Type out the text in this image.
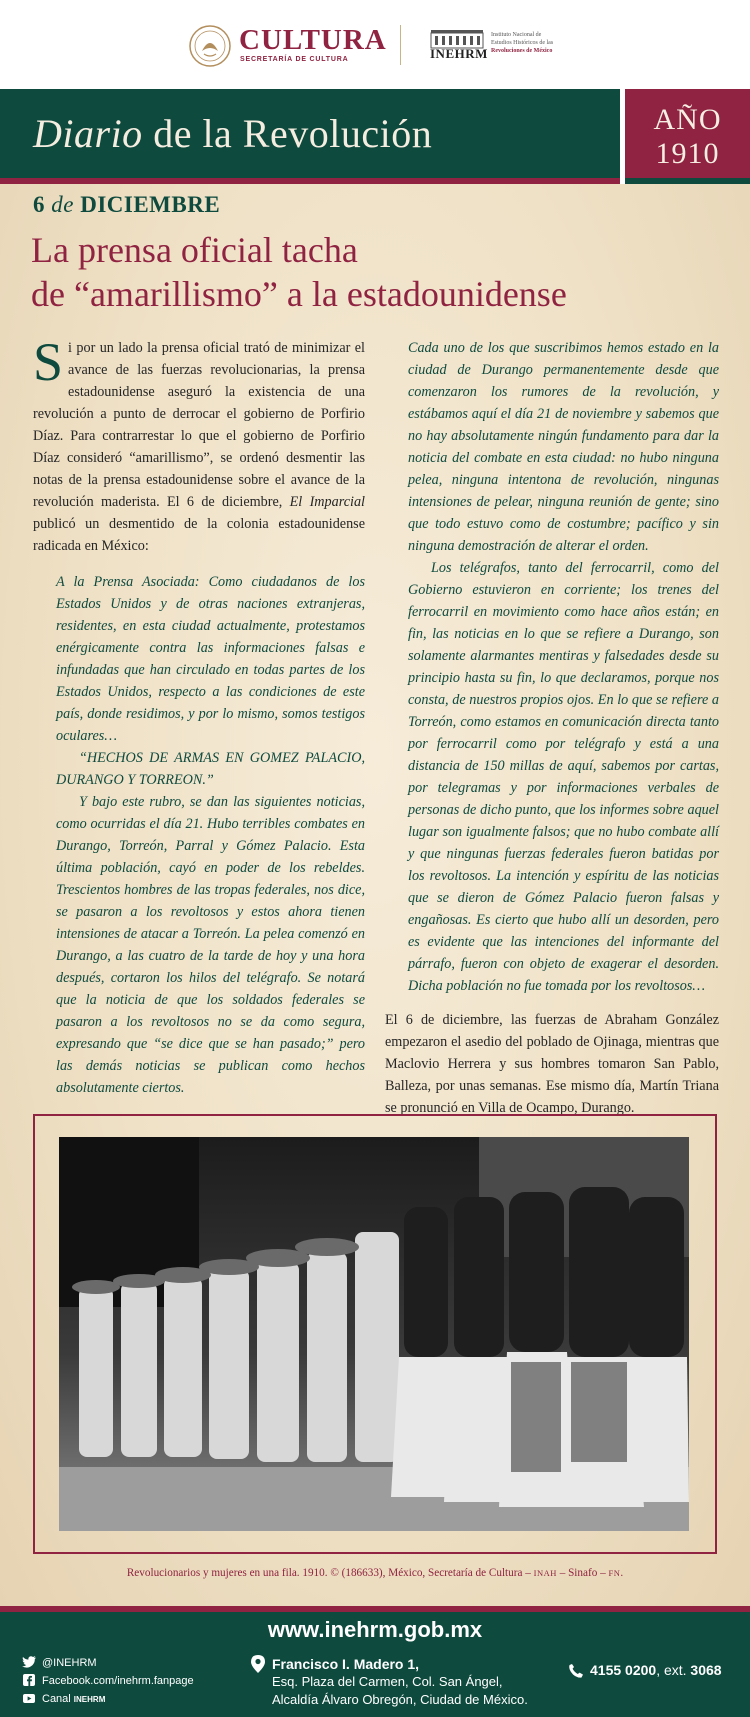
CULTURA
SECRETARÍA DE CULTURA	INEHRM
Instituto Nacional de
Estudios Históricos de las
Revoluciones de México
Diario de la Revolución	AÑO
1910
6 de DICIEMBRE
La prensa oficial tacha
de “amarillismo” a la estadounidense

Si por un lado la prensa oficial trató de minimizar el avance de las fuerzas revolucionarias, la prensa estadounidense aseguró la existencia de una revolución a punto de derrocar el gobierno de Porfirio Díaz. Para contrarrestar lo que el gobierno de Porfirio Díaz consideró “amarillismo”, se ordenó desmentir las notas de la prensa estadounidense sobre el avance de la revolución maderista. El 6 de diciembre, El Imparcial publicó un desmentido de la colonia estadounidense radicada en México:

A la Prensa Asociada: Como ciudadanos de los Estados Unidos y de otras naciones extranjeras, residentes, en esta ciudad actualmente, protestamos enérgicamente contra las informaciones falsas e infundadas que han circulado en todas partes de los Estados Unidos, respecto a las condiciones de este país, donde residimos, y por lo mismo, somos testigos oculares…

“HECHOS DE ARMAS EN GOMEZ PALACIO, DURANGO Y TORREON.”

Y bajo este rubro, se dan las siguientes noticias, como ocurridas el día 21. Hubo terribles combates en Durango, Torreón, Parral y Gómez Palacio. Esta última población, cayó en poder de los rebeldes. Trescientos hombres de las tropas federales, nos dice, se pasaron a los revoltosos y estos ahora tienen intensiones de atacar a Torreón. La pelea comenzó en Durango, a las cuatro de la tarde de hoy y una hora después, cortaron los hilos del telégrafo. Se notará que la noticia de que los soldados federales se pasaron a los revoltosos no se da como segura, expresando que “se dice que se han pasado;” pero las demás noticias se publican como hechos absolutamente ciertos.

Cada uno de los que suscribimos hemos estado en la ciudad de Durango permanentemente desde que comenzaron los rumores de la revolución, y estábamos aquí el día 21 de noviembre y sabemos que no hay absolutamente ningún fundamento para dar la noticia del combate en esta ciudad: no hubo ninguna pelea, ninguna intentona de revolución, ningunas intensiones de pelear, ninguna reunión de gente; sino que todo estuvo como de costumbre; pacífico y sin ninguna demostración de alterar el orden.

Los telégrafos, tanto del ferrocarril, como del Gobierno estuvieron en corriente; los trenes del ferrocarril en movimiento como hace años están; en fin, las noticias en lo que se refiere a Durango, son solamente alarmantes mentiras y falsedades desde su principio hasta su fin, lo que declaramos, porque nos consta, de nuestros propios ojos. En lo que se refiere a Torreón, como estamos en comunicación directa tanto por ferrocarril como por telégrafo y está a una distancia de 150 millas de aquí, sabemos por cartas, por telegramas y por informaciones verbales de personas de dicho punto, que los informes sobre aquel lugar son igualmente falsos; que no hubo combate allí y que ningunas fuerzas federales fueron batidas por los revoltosos. La intención y espíritu de las noticias que se dieron de Gómez Palacio fueron falsas y engañosas. Es cierto que hubo allí un desorden, pero es evidente que las intenciones del informante del párrafo, fueron con objeto de exagerar el desorden. Dicha población no fue tomada por los revoltosos…

El 6 de diciembre, las fuerzas de Abraham González empezaron el asedio del poblado de Ojinaga, mientras que Maclovio Herrera y sus hombres tomaron San Pablo, Balleza, por unas semanas. Ese mismo día, Martín Triana se pronunció en Villa de Ocampo, Durango.

Revolucionarios y mujeres en una fila. 1910. © (186633), México, Secretaría de Cultura – INAH – Sinafo – FN.
www.inehrm.gob.mx
@INEHRM
Facebook.com/inehrm.fanpage
Canal INEHRM
Francisco I. Madero 1,
Esq. Plaza del Carmen, Col. San Ángel,
Alcaldía Álvaro Obregón, Ciudad de México.
4155 0200, ext. 3068
